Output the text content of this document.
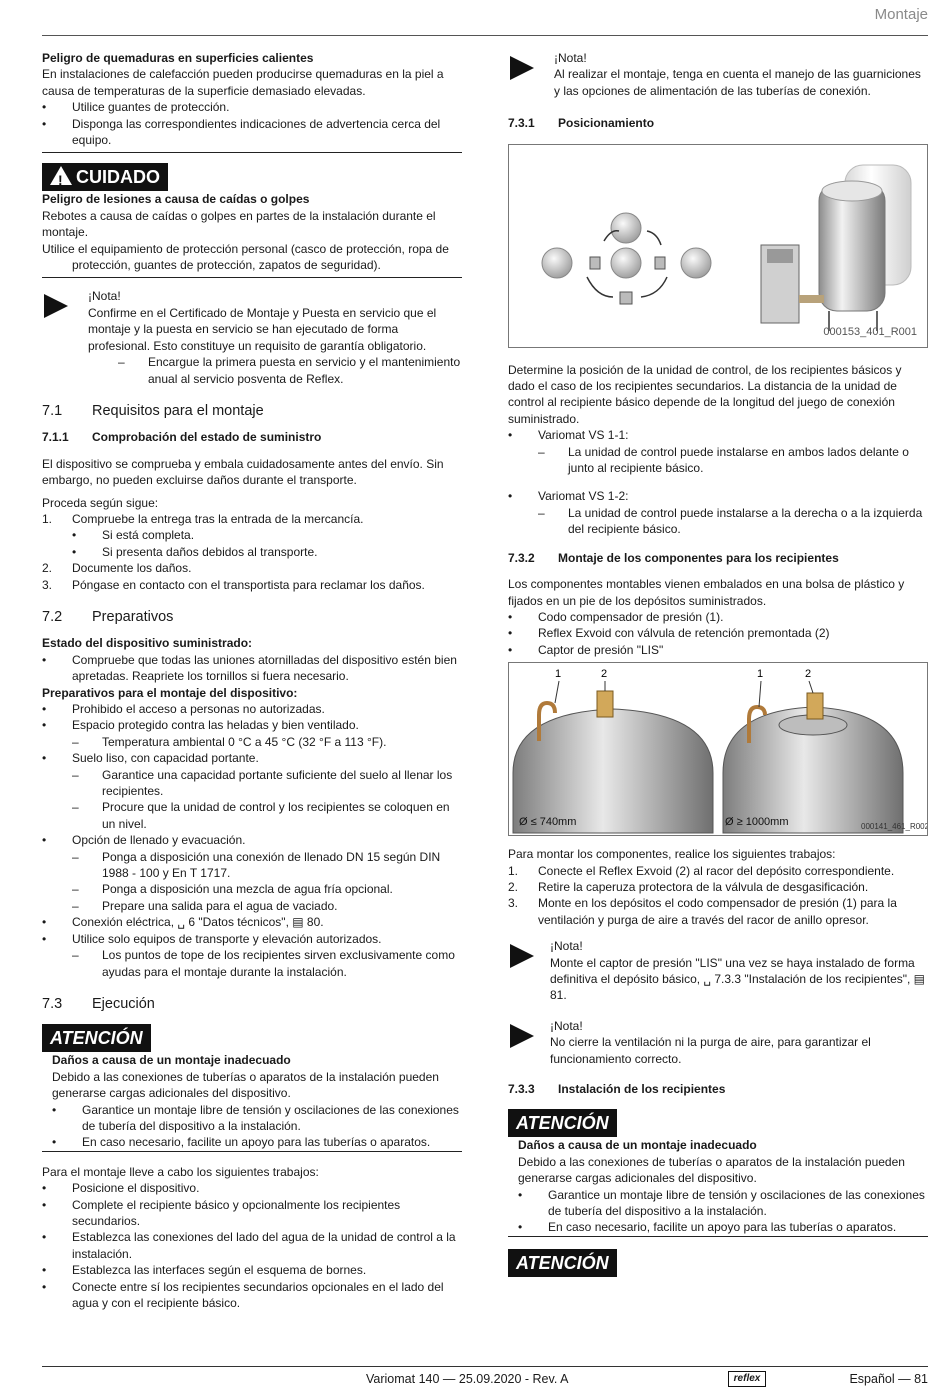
Montaje

Peligro de quemaduras en superficies calientes

En instalaciones de calefacción pueden producirse quemaduras en la piel a causa de temperaturas de la superficie demasiado elevadas.

• Utilice guantes de protección.
• Disponga las correspondientes indicaciones de advertencia cerca del equipo.
!CUIDADO

Peligro de lesiones a causa de caídas o golpes

Rebotes a causa de caídas o golpes en partes de la instalación durante el montaje.

Utilice el equipamiento de protección personal (casco de protección, ropa de protección, guantes de protección, zapatos de seguridad).

¡Nota!

Confirme en el Certificado de Montaje y Puesta en servicio que el montaje y la puesta en servicio se han ejecutado de forma profesional. Esto constituye un requisito de garantía obligatorio.

– Encargue la primera puesta en servicio y el mantenimiento anual al servicio posventa de Reflex.

7.1 Requisitos para el montaje

7.1.1 Comprobación del estado de suministro

El dispositivo se comprueba y embala cuidadosamente antes del envío. Sin embargo, no pueden excluirse daños durante el transporte.

Proceda según sigue:

1. Compruebe la entrega tras la entrada de la mercancía.
• Si está completa.
• Si presenta daños debidos al transporte.
2. Documente los daños.
3. Póngase en contacto con el transportista para reclamar los daños.

7.2 Preparativos

Estado del dispositivo suministrado:

• Compruebe que todas las uniones atornilladas del dispositivo estén bien apretadas. Reapriete los tornillos si fuera necesario.

Preparativos para el montaje del dispositivo:

• Prohibido el acceso a personas no autorizadas.
• Espacio protegido contra las heladas y bien ventilado.
– Temperatura ambiental 0 °C a 45 °C (32 °F a 113 °F).
• Suelo liso, con capacidad portante.
– Garantice una capacidad portante suficiente del suelo al llenar los recipientes.
– Procure que la unidad de control y los recipientes se coloquen en un nivel.
• Opción de llenado y evacuación.
– Ponga a disposición una conexión de llenado DN 15 según DIN 1988 - 100 y En T 1717.
– Ponga a disposición una mezcla de agua fría opcional.
– Prepare una salida para el agua de vaciado.
• Conexión eléctrica, ␣ 6 "Datos técnicos", ▤ 80.
• Utilice solo equipos de transporte y elevación autorizados.
– Los puntos de tope de los recipientes sirven exclusivamente como ayudas para el montaje durante la instalación.

7.3 Ejecución

ATENCIÓN

Daños a causa de un montaje inadecuado

Debido a las conexiones de tuberías o aparatos de la instalación pueden generarse cargas adicionales del dispositivo.

• Garantice un montaje libre de tensión y oscilaciones de las conexiones de tubería del dispositivo a la instalación.
• En caso necesario, facilite un apoyo para las tuberías o aparatos.

Para el montaje lleve a cabo los siguientes trabajos:

• Posicione el dispositivo.
• Complete el recipiente básico y opcionalmente los recipientes secundarios.
• Establezca las conexiones del lado del agua de la unidad de control a la instalación.
• Establezca las interfaces según el esquema de bornes.
• Conecte entre sí los recipientes secundarios opcionales en el lado del agua y con el recipiente básico.

¡Nota!

Al realizar el montaje, tenga en cuenta el manejo de las guarniciones y las opciones de alimentación de las tuberías de conexión.

7.3.1 Posicionamiento

000153_401_R001

Determine la posición de la unidad de control, de los recipientes básicos y dado el caso de los recipientes secundarios. La distancia de la unidad de control al recipiente básico depende de la longitud del juego de conexión suministrado.

• Variomat VS 1-1:
– La unidad de control puede instalarse en ambos lados delante o junto al recipiente básico.
• Variomat VS 1-2:
– La unidad de control puede instalarse a la derecha o a la izquierda del recipiente básico.

7.3.2 Montaje de los componentes para los recipientes

Los componentes montables vienen embalados en una bolsa de plástico y fijados en un pie de los depósitos suministrados.

• Codo compensador de presión (1).
• Reflex Exvoid con válvula de retención premontada (2)
• Captor de presión "LIS"
1	2	1	2
Ø ≤ 740mm	Ø ≥ 1000mm	000141_461_R002

Para montar los componentes, realice los siguientes trabajos:

1. Conecte el Reflex Exvoid (2) al racor del depósito correspondiente.
2. Retire la caperuza protectora de la válvula de desgasificación.
3. Monte en los depósitos el codo compensador de presión (1) para la ventilación y purga de aire a través del racor de anillo opresor.

¡Nota!

Monte el captor de presión "LIS" una vez se haya instalado de forma definitiva el depósito básico, ␣ 7.3.3 "Instalación de los recipientes", ▤ 81.

¡Nota!

No cierre la ventilación ni la purga de aire, para garantizar el funcionamiento correcto.

7.3.3 Instalación de los recipientes

ATENCIÓN

Daños a causa de un montaje inadecuado

Debido a las conexiones de tuberías o aparatos de la instalación pueden generarse cargas adicionales del dispositivo.

• Garantice un montaje libre de tensión y oscilaciones de las conexiones de tubería del dispositivo a la instalación.
• En caso necesario, facilite un apoyo para las tuberías o aparatos.
ATENCIÓN
Variomat 140 — 25.09.2020 - Rev. A	reflex	Español — 81
